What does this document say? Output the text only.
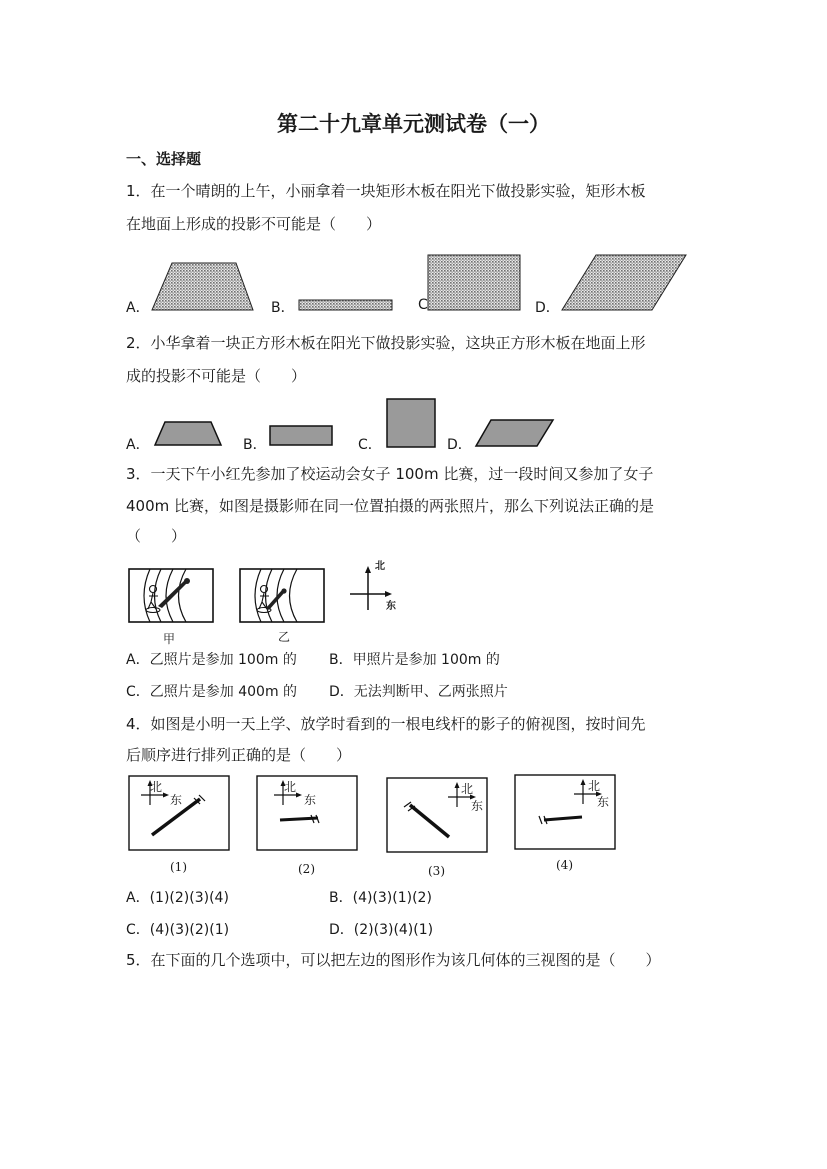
第二十九章单元测试卷（一）
一、选择题
1．在一个晴朗的上午，小丽拿着一块矩形木板在阳光下做投影实验，矩形木板
在地面上形成的投影不可能是（　　）
A．	B．	C	D．
2．小华拿着一块正方形木板在阳光下做投影实验，这块正方形木板在地面上形
成的投影不可能是（　　）
A．	B．	C．	D．
3．一天下午小红先参加了校运动会女子 100m 比赛，过一段时间又参加了女子
400m 比赛，如图是摄影师在同一位置拍摄的两张照片，那么下列说法正确的是
（　　）
甲	乙
北
东
A．乙照片是参加 100m 的 B．甲照片是参加 100m 的
C．乙照片是参加 400m 的 D．无法判断甲、乙两张照片
4．如图是小明一天上学、放学时看到的一根电线杆的影子的俯视图，按时间先
后顺序进行排列正确的是（　　）
北
东
(1)
北
东
(2)
北
东
(3)
北
东
(4)
A．(1)(2)(3)(4)	B．(4)(3)(1)(2)
C．(4)(3)(2)(1)	D．(2)(3)(4)(1)
5．在下面的几个选项中，可以把左边的图形作为该几何体的三视图的是（　　）
